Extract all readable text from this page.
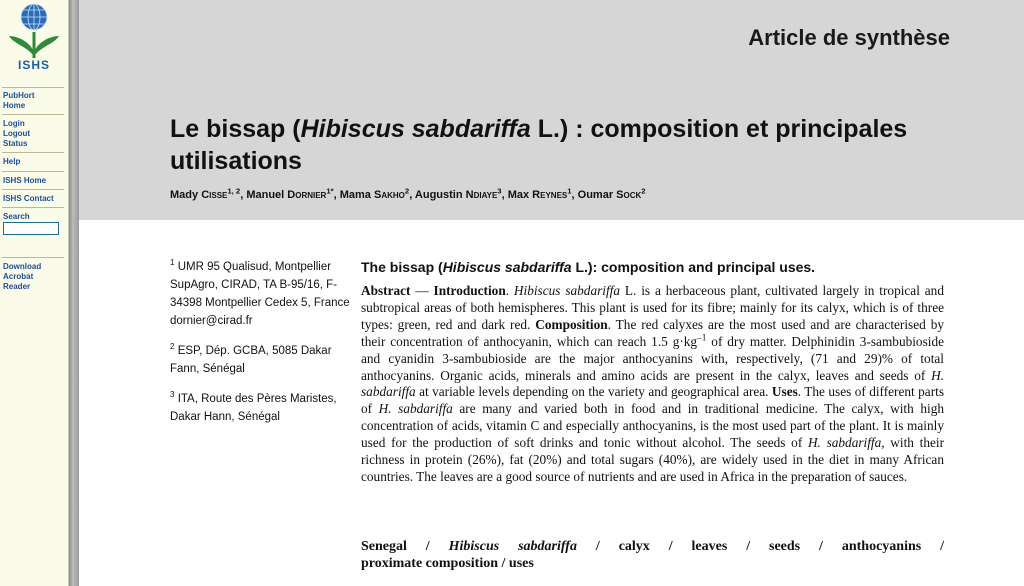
ISHS
PubHort
Home
Login
Logout
Status
Help
ISHS Home
ISHS Contact
Search
Download
Acrobat
Reader
Article de synthèse
Le bissap (Hibiscus sabdariffa L.) : composition et principales utilisations
Mady Cisse$^{1, 2}$, Manuel Dornier$^{1*}$, Mama Sakho$^2$, Augustin Ndiaye$^3$, Max Reynes$^1$, Oumar Sock$^2$
$^1$ UMR 95 Qualisud, Montpellier SupAgro, CIRAD, TA B-95/16, F-34398 Montpellier Cedex 5, France
dornier@cirad.fr
$^2$ ESP, Dép. GCBA, 5085 Dakar Fann, Sénégal
$^3$ ITA, Route des Pères Maristes, Dakar Hann, Sénégal
The bissap (Hibiscus sabdariffa L.): composition and principal uses.
Abstract — Introduction. Hibiscus sabdariffa L. is a herbaceous plant, cultivated largely in tropical and subtropical areas of both hemispheres. This plant is used for its fibre; mainly for its calyx, which is of three types: green, red and dark red. Composition. The red calyxes are the most used and are characterised by their concentration of anthocyanin, which can reach 1.5 $g\cdot kg^{-1}$ of dry matter. Delphinidin 3-sambubioside and cyanidin 3-sambubioside are the major anthocyanins with, respectively, (71 and 29)% of total anthocyanins. Organic acids, minerals and amino acids are present in the calyx, leaves and seeds of H. sabdariffa at variable levels depending on the variety and geographical area. Uses. The uses of different parts of H. sabdariffa are many and varied both in food and in traditional medicine. The calyx, with high concentration of acids, vitamin C and especially anthocyanins, is the most used part of the plant. It is mainly used for the production of soft drinks and tonic without alcohol. The seeds of H. sabdariffa, with their richness in protein (26%), fat (20%) and total sugars (40%), are widely used in the diet in many African countries. The leaves are a good source of nutrients and are used in Africa in the preparation of sauces.
Senegal / Hibiscus sabdariffa / calyx / leaves / seeds / anthocyanins /
proximate composition / uses
